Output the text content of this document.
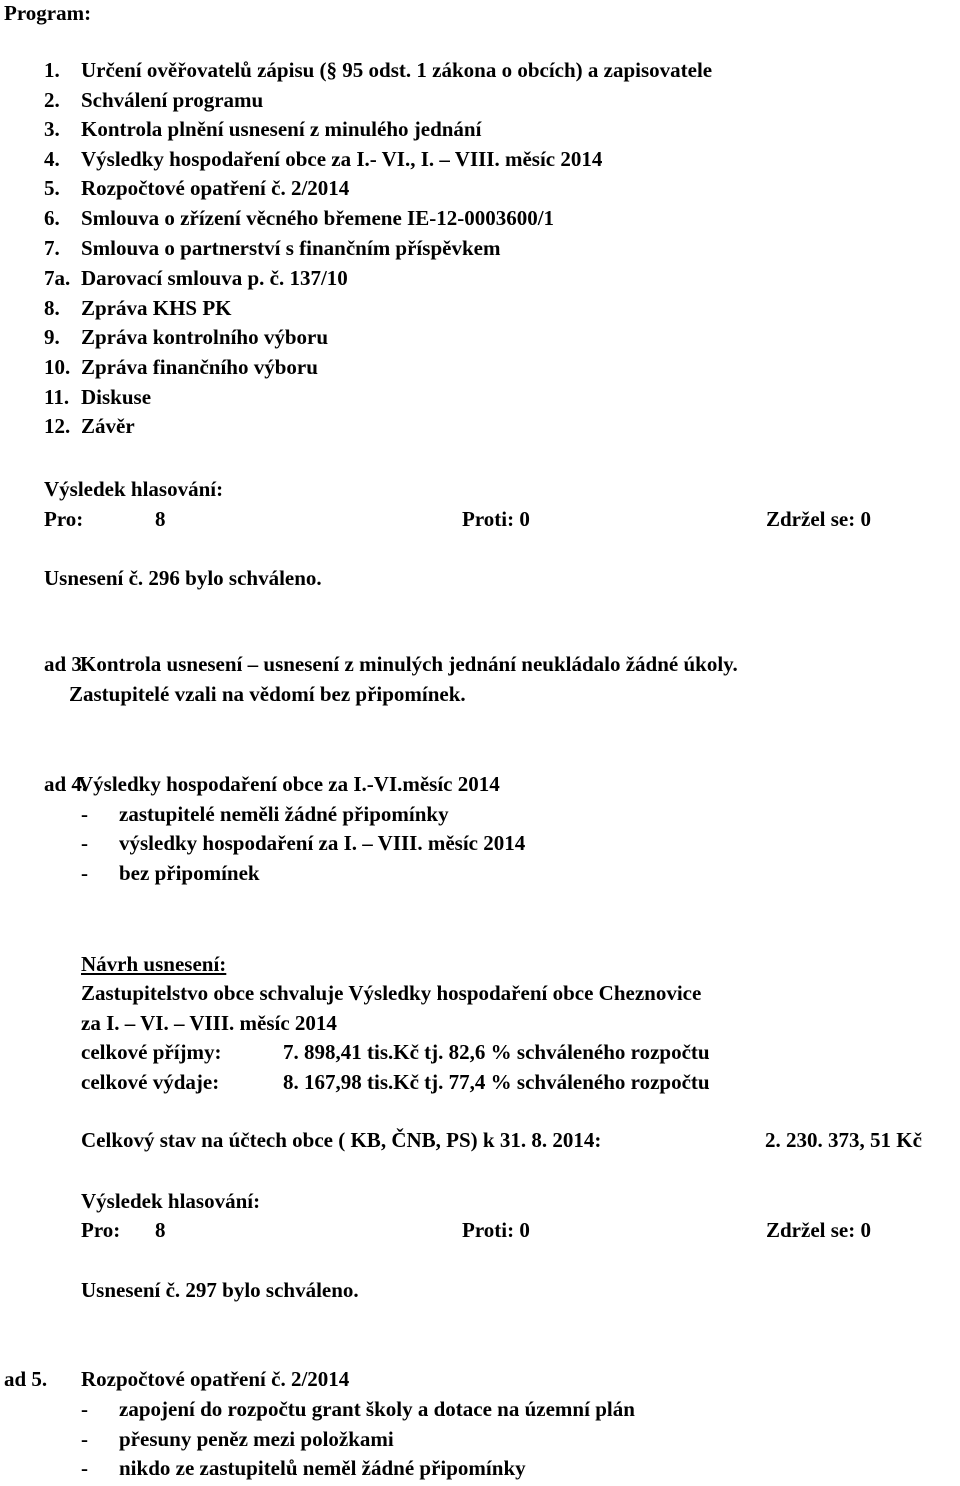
Program:
1. Určení ověřovatelů zápisu (§ 95 odst. 1 zákona o obcích) a zapisovatele
2. Schválení programu
3. Kontrola plnění usnesení z minulého jednání
4. Výsledky hospodaření obce za I.- VI., I. – VIII. měsíc 2014
5. Rozpočtové opatření č. 2/2014
6. Smlouva o zřízení věcného břemene IE-12-0003600/1
7. Smlouva o partnerství s finančním příspěvkem
7a. Darovací smlouva p. č. 137/10
8. Zpráva KHS PK
9. Zpráva kontrolního výboru
10. Zpráva finančního výboru
11. Diskuse
12. Závěr
Výsledek hlasování:
Pro:	8	Proti: 0	Zdržel se: 0
Usnesení č. 296 bylo schváleno.
ad 3.Kontrola usnesení – usnesení z minulých jednání neukládalo žádné úkoly.
Zastupitelé vzali na vědomí bez připomínek.
ad 4.Výsledky hospodaření obce za I.-VI.měsíc 2014
- zastupitelé neměli žádné připomínky
- výsledky hospodaření za I. – VIII. měsíc 2014
- bez připomínek
Návrh usnesení:
Zastupitelstvo obce schvaluje Výsledky hospodaření obce Cheznovice
za I. – VI. – VIII. měsíc 2014
celkové příjmy:	7. 898,41 tis.Kč tj. 82,6 % schváleného rozpočtu
celkové výdaje:	8. 167,98 tis.Kč tj. 77,4 % schváleného rozpočtu
Celkový stav na účtech obce ( KB, ČNB, PS) k 31. 8. 2014:	2. 230. 373, 51 Kč
Výsledek hlasování:
Pro: 8	Proti: 0	Zdržel se: 0
Usnesení č. 297 bylo schváleno.
ad 5. Rozpočtové opatření č. 2/2014
- zapojení do rozpočtu grant školy a dotace na územní plán
- přesuny peněz mezi položkami
- nikdo ze zastupitelů neměl žádné připomínky
